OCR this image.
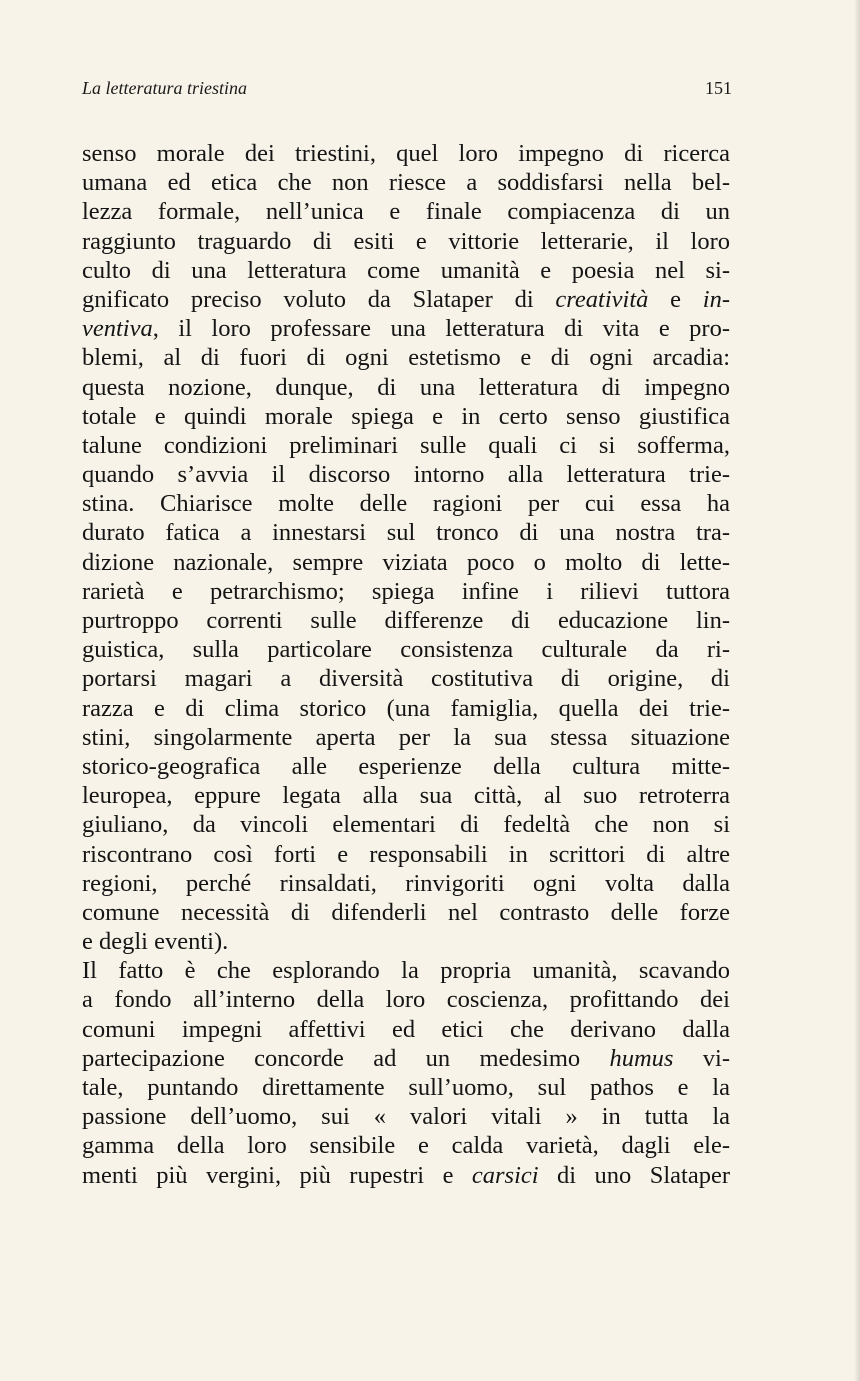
La letteratura triestina	151
senso morale dei triestini, quel loro impegno di ricerca
umana ed etica che non riesce a soddisfarsi nella bel-
lezza formale, nell’unica e finale compiacenza di un
raggiunto traguardo di esiti e vittorie letterarie, il loro
culto di una letteratura come umanità e poesia nel si-
gnificato preciso voluto da Slataper di creatività e in-
ventiva, il loro professare una letteratura di vita e pro-
blemi, al di fuori di ogni estetismo e di ogni arcadia:
questa nozione, dunque, di una letteratura di impegno
totale e quindi morale spiega e in certo senso giustifica
talune condizioni preliminari sulle quali ci si sofferma,
quando s’avvia il discorso intorno alla letteratura trie-
stina. Chiarisce molte delle ragioni per cui essa ha
durato fatica a innestarsi sul tronco di una nostra tra-
dizione nazionale, sempre viziata poco o molto di lette-
rarietà e petrarchismo; spiega infine i rilievi tuttora
purtroppo correnti sulle differenze di educazione lin-
guistica, sulla particolare consistenza culturale da ri-
portarsi magari a diversità costitutiva di origine, di
razza e di clima storico (una famiglia, quella dei trie-
stini, singolarmente aperta per la sua stessa situazione
storico-geografica alle esperienze della cultura mitte-
leuropea, eppure legata alla sua città, al suo retroterra
giuliano, da vincoli elementari di fedeltà che non si
riscontrano così forti e responsabili in scrittori di altre
regioni, perché rinsaldati, rinvigoriti ogni volta dalla
comune necessità di difenderli nel contrasto delle forze
e degli eventi).
Il fatto è che esplorando la propria umanità, scavando
a fondo all’interno della loro coscienza, profittando dei
comuni impegni affettivi ed etici che derivano dalla
partecipazione concorde ad un medesimo humus vi-
tale, puntando direttamente sull’uomo, sul pathos e la
passione dell’uomo, sui « valori vitali » in tutta la
gamma della loro sensibile e calda varietà, dagli ele-
menti più vergini, più rupestri e carsici di uno Slataper
